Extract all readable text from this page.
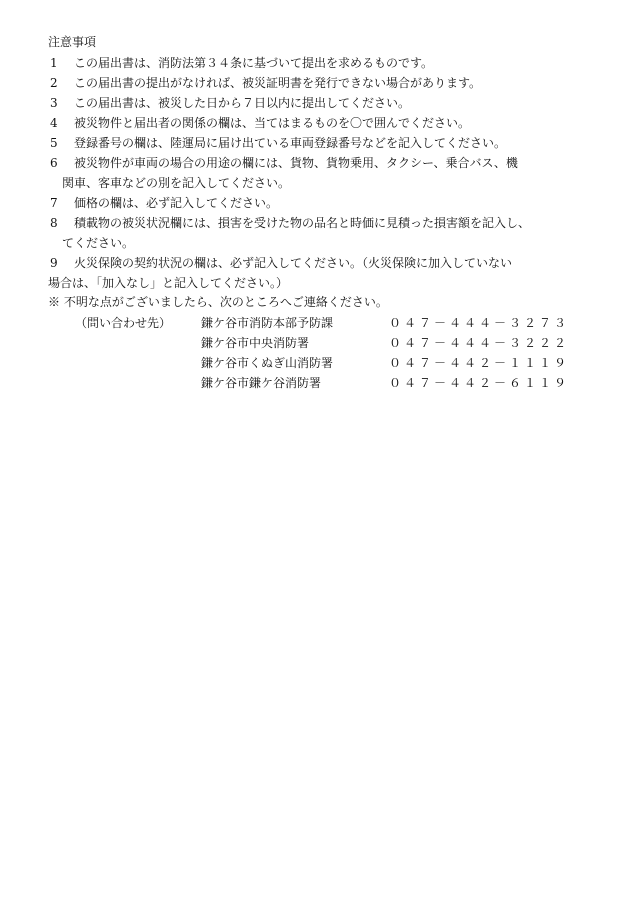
注意事項
1	この届出書は、消防法第３４条に基づいて提出を求めるものです。
2	この届出書の提出がなければ、被災証明書を発行できない場合があります。
3	この届出書は、被災した日から７日以内に提出してください。
4	被災物件と届出者の関係の欄は、当てはまるものを〇で囲んでください。
5	登録番号の欄は、陸運局に届け出ている車両登録番号などを記入してください。
6	被災物件が車両の場合の用途の欄には、貨物、貨物乗用、タクシー、乗合バス、機
関車、客車などの別を記入してください。
7	価格の欄は、必ず記入してください。
8	積載物の被災状況欄には、損害を受けた物の品名と時価に見積った損害額を記入し、
てください。
9	火災保険の契約状況の欄は、必ず記入してください。（火災保険に加入していない
場合は、「加入なし」と記入してください。）
※ 不明な点がございましたら、次のところへご連絡ください。
（問い合わせ先） 鎌ケ谷市消防本部予防課	０４７－４４４－３２７３
鎌ケ谷市中央消防署	０４７－４４４－３２２２
鎌ケ谷市くぬぎ山消防署	０４７－４４２－１１１９
鎌ケ谷市鎌ケ谷消防署	０４７－４４２－６１１９
